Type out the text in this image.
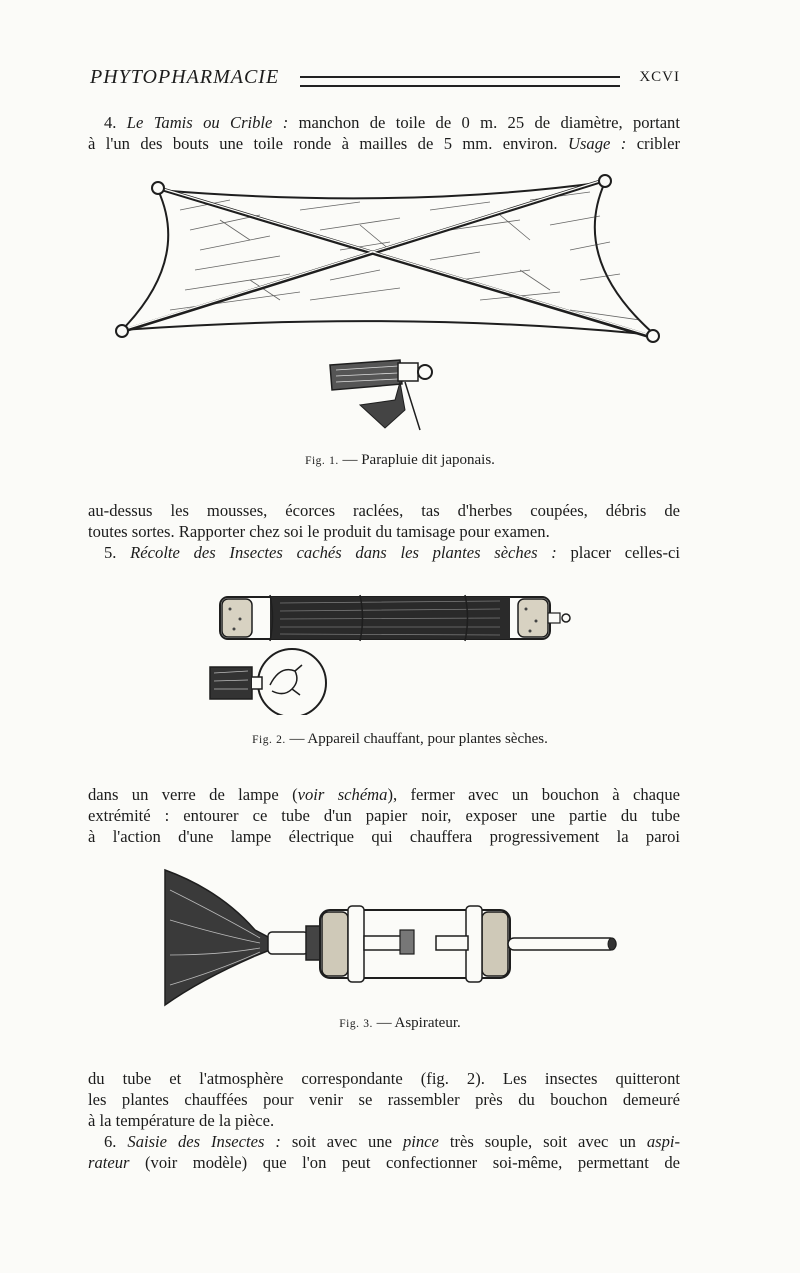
PHYTOPHARMACIE	XCVI
4. Le Tamis ou Crible : manchon de toile de 0 m. 25 de diamètre, portant
à l'un des bouts une toile ronde à mailles de 5 mm. environ. Usage : cribler
Fig. 1. — Parapluie dit japonais.
au-dessus les mousses, écorces raclées, tas d'herbes coupées, débris de
toutes sortes. Rapporter chez soi le produit du tamisage pour examen.
5. Récolte des Insectes cachés dans les plantes sèches : placer celles-ci
Fig. 2. — Appareil chauffant, pour plantes sèches.
dans un verre de lampe (voir schéma), fermer avec un bouchon à chaque
extrémité : entourer ce tube d'un papier noir, exposer une partie du tube
à l'action d'une lampe électrique qui chauffera progressivement la paroi
Fig. 3. — Aspirateur.
du tube et l'atmosphère correspondante (fig. 2). Les insectes quitteront
les plantes chauffées pour venir se rassembler près du bouchon demeuré
à la température de la pièce.
6. Saisie des Insectes : soit avec une pince très souple, soit avec un aspi-
rateur (voir modèle) que l'on peut confectionner soi-même, permettant de
